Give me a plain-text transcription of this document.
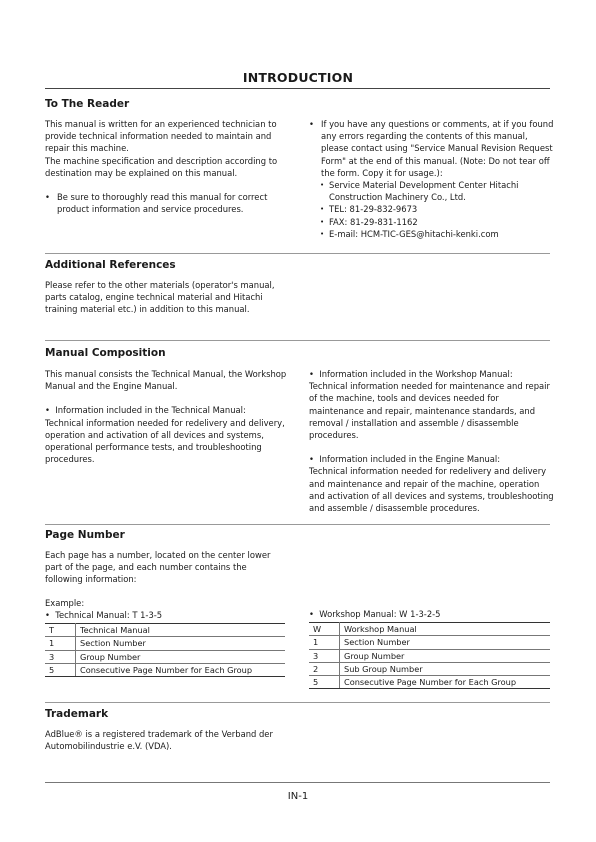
INTRODUCTION
To The Reader

This manual is written for an experienced technician to provide technical information needed to maintain and repair this machine.

The machine specification and description according to destination may be explained on this manual.

• Be sure to thoroughly read this manual for correct product information and service procedures.

• If you have any questions or comments, at if you found any errors regarding the contents of this manual, please contact using "Service Manual Revision Request Form" at the end of this manual. (Note: Do not tear off the form. Copy it for usage.):

• Service Material Development Center Hitachi Construction Machinery Co., Ltd.

• TEL: 81-29-832-9673

• FAX: 81-29-831-1162

• E-mail: HCM-TIC-GES@hitachi-kenki.com

Additional References

Please refer to the other materials (operator's manual, parts catalog, engine technical material and Hitachi training material etc.) in addition to this manual.

Manual Composition

This manual consists the Technical Manual, the Workshop Manual and the Engine Manual.

• Information included in the Technical Manual:

Technical information needed for redelivery and delivery, operation and activation of all devices and systems, operational performance tests, and troubleshooting procedures.

• Information included in the Workshop Manual:

Technical information needed for maintenance and repair of the machine, tools and devices needed for maintenance and repair, maintenance standards, and removal / installation and assemble / disassemble procedures.

• Information included in the Engine Manual:

Technical information needed for redelivery and delivery and maintenance and repair of the machine, operation and activation of all devices and systems, troubleshooting and assemble / disassemble procedures.

Page Number

Each page has a number, located on the center lower part of the page, and each number contains the following information:

Example:

• Technical Manual: T 1-3-5

T	Technical Manual
1	Section Number
3	Group Number
5	Consecutive Page Number for Each Group

• Workshop Manual: W 1-3-2-5

W	Workshop Manual
1	Section Number
3	Group Number
2	Sub Group Number
5	Consecutive Page Number for Each Group
Trademark

AdBlue® is a registered trademark of the Verband der Automobilindustrie e.V. (VDA).

IN-1
